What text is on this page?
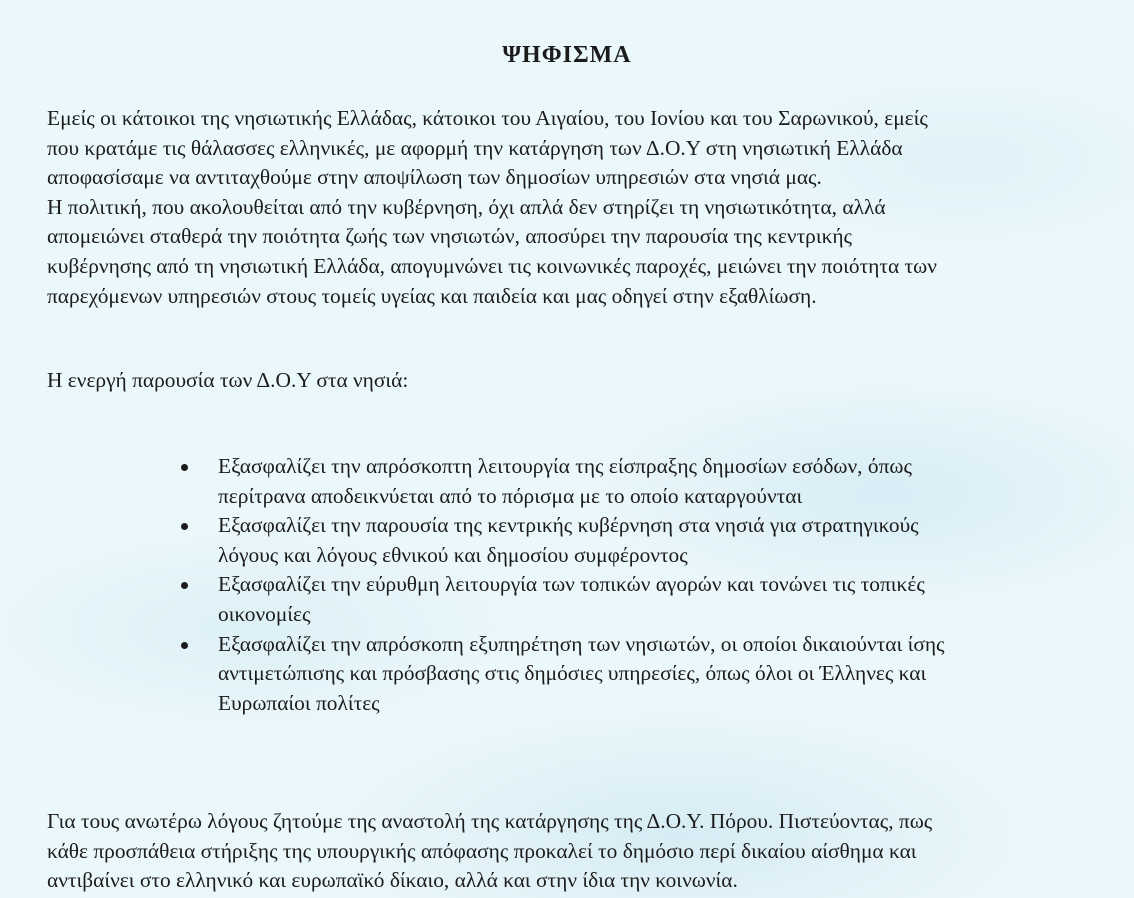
ΨΗΦΙΣΜΑ

Εμείς οι κάτοικοι της νησιωτικής Ελλάδας, κάτοικοι του Αιγαίου, του Ιονίου και του Σαρωνικού, εμείς
που κρατάμε τις θάλασσες ελληνικές, με αφορμή την κατάργηση των Δ.Ο.Υ στη νησιωτική Ελλάδα
αποφασίσαμε να αντιταχθούμε στην αποψίλωση των δημοσίων υπηρεσιών στα νησιά μας.
Η πολιτική, που ακολουθείται από την κυβέρνηση, όχι απλά δεν στηρίζει τη νησιωτικότητα, αλλά
απομειώνει σταθερά την ποιότητα ζωής των νησιωτών, αποσύρει την παρουσία της κεντρικής
κυβέρνησης από τη νησιωτική Ελλάδα, απογυμνώνει τις κοινωνικές παροχές, μειώνει την ποιότητα των
παρεχόμενων υπηρεσιών στους τομείς υγείας και παιδεία και μας οδηγεί στην εξαθλίωση.

Η ενεργή παρουσία των Δ.Ο.Υ στα νησιά:

Εξασφαλίζει την απρόσκοπτη λειτουργία της είσπραξης δημοσίων εσόδων, όπως
περίτρανα αποδεικνύεται από το πόρισμα με το οποίο καταργούνται
Εξασφαλίζει την παρουσία της κεντρικής κυβέρνηση στα νησιά για στρατηγικούς
λόγους και λόγους εθνικού και δημοσίου συμφέροντος
Εξασφαλίζει την εύρυθμη λειτουργία των τοπικών αγορών και τονώνει τις τοπικές
οικονομίες
Εξασφαλίζει την απρόσκοπη εξυπηρέτηση των νησιωτών, οι οποίοι δικαιούνται ίσης
αντιμετώπισης και πρόσβασης στις δημόσιες υπηρεσίες, όπως όλοι οι Έλληνες και
Ευρωπαίοι πολίτες

Για τους ανωτέρω λόγους ζητούμε της αναστολή της κατάργησης της Δ.Ο.Υ. Πόρου. Πιστεύοντας, πως
κάθε προσπάθεια στήριξης της υπουργικής απόφασης προκαλεί το δημόσιο περί δικαίου αίσθημα και
αντιβαίνει στο ελληνικό και ευρωπαϊκό δίκαιο, αλλά και στην ίδια την κοινωνία.
